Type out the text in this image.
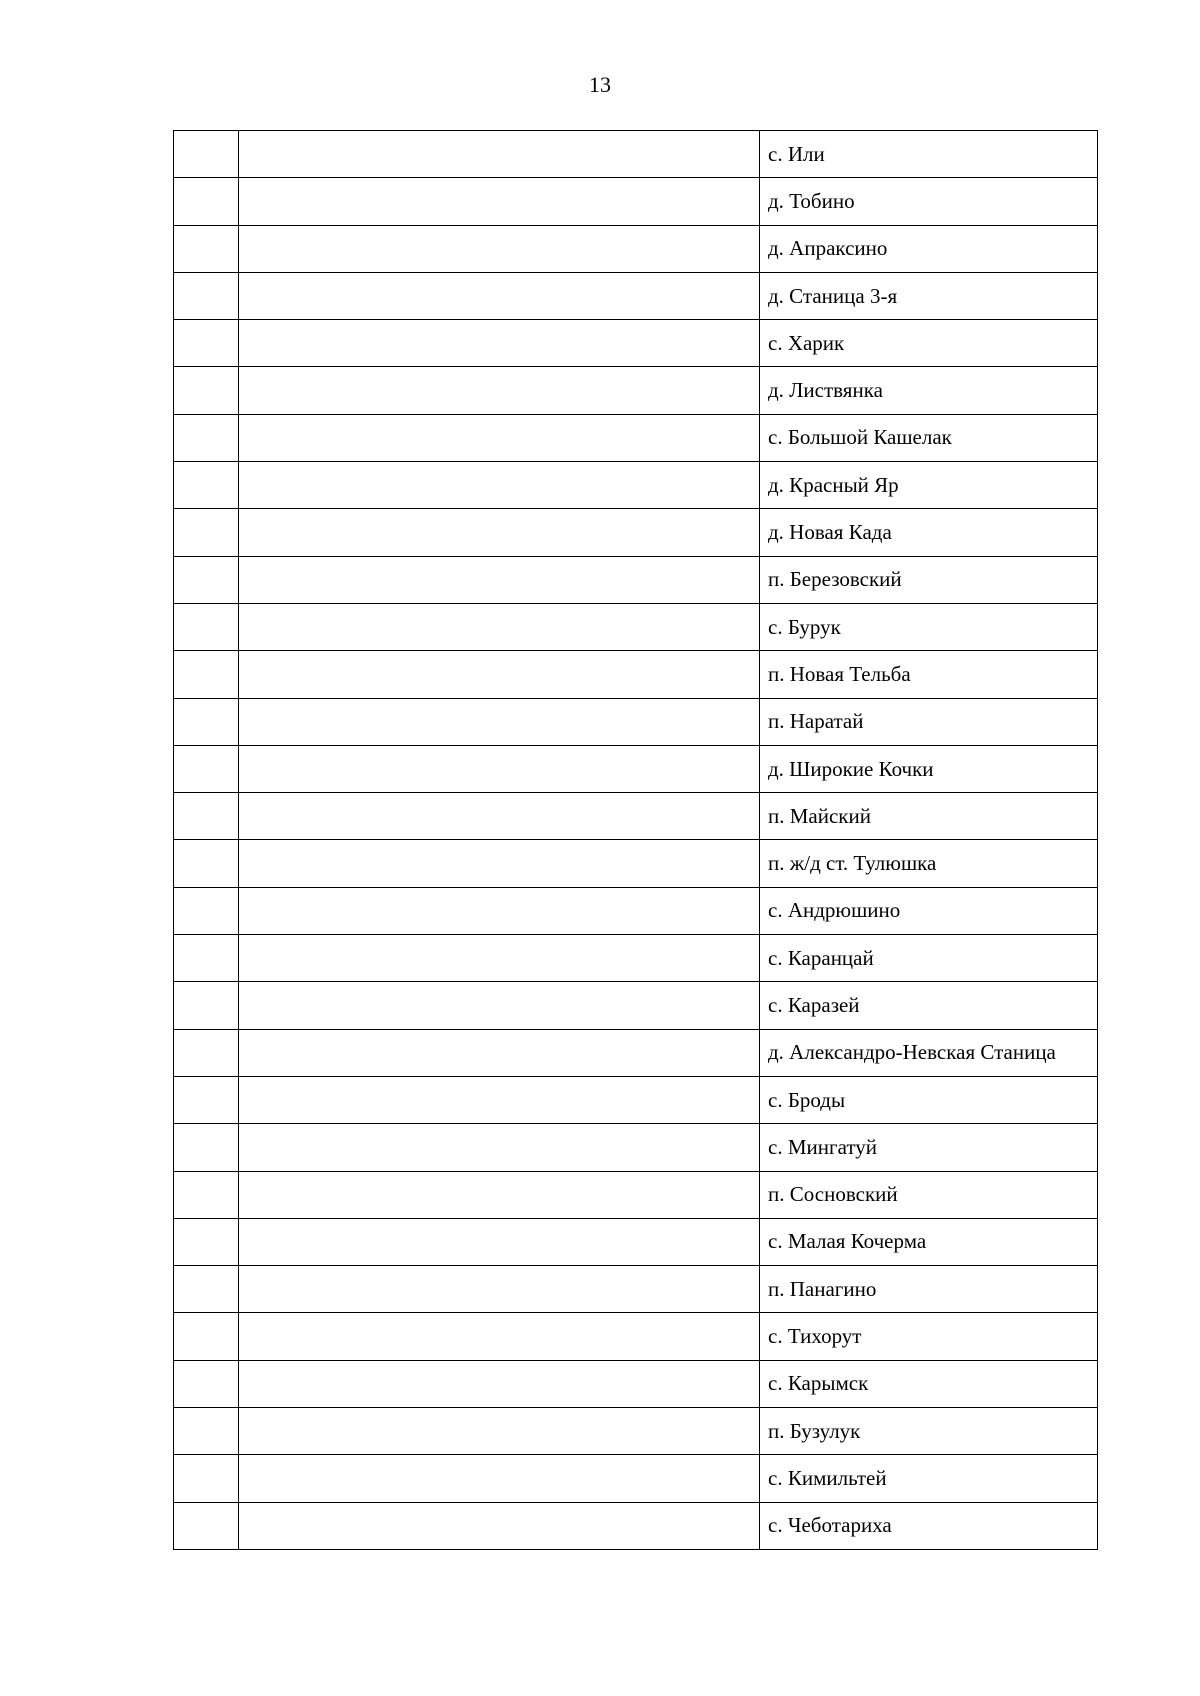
13
		с. Или
		д. Тобино
		д. Апраксино
		д. Станица 3-я
		с. Харик
		д. Листвянка
		с. Большой Кашелак
		д. Красный Яр
		д. Новая Када
		п. Березовский
		с. Бурук
		п. Новая Тельба
		п. Наратай
		д. Широкие Кочки
		п. Майский
		п. ж/д ст. Тулюшка
		с. Андрюшино
		с. Каранцай
		с. Каразей
		д. Александро-Невская Станица
		с. Броды
		с. Мингатуй
		п. Сосновский
		с. Малая Кочерма
		п. Панагино
		с. Тихорут
		с. Карымск
		п. Бузулук
		с. Кимильтей
		с. Чеботариха
